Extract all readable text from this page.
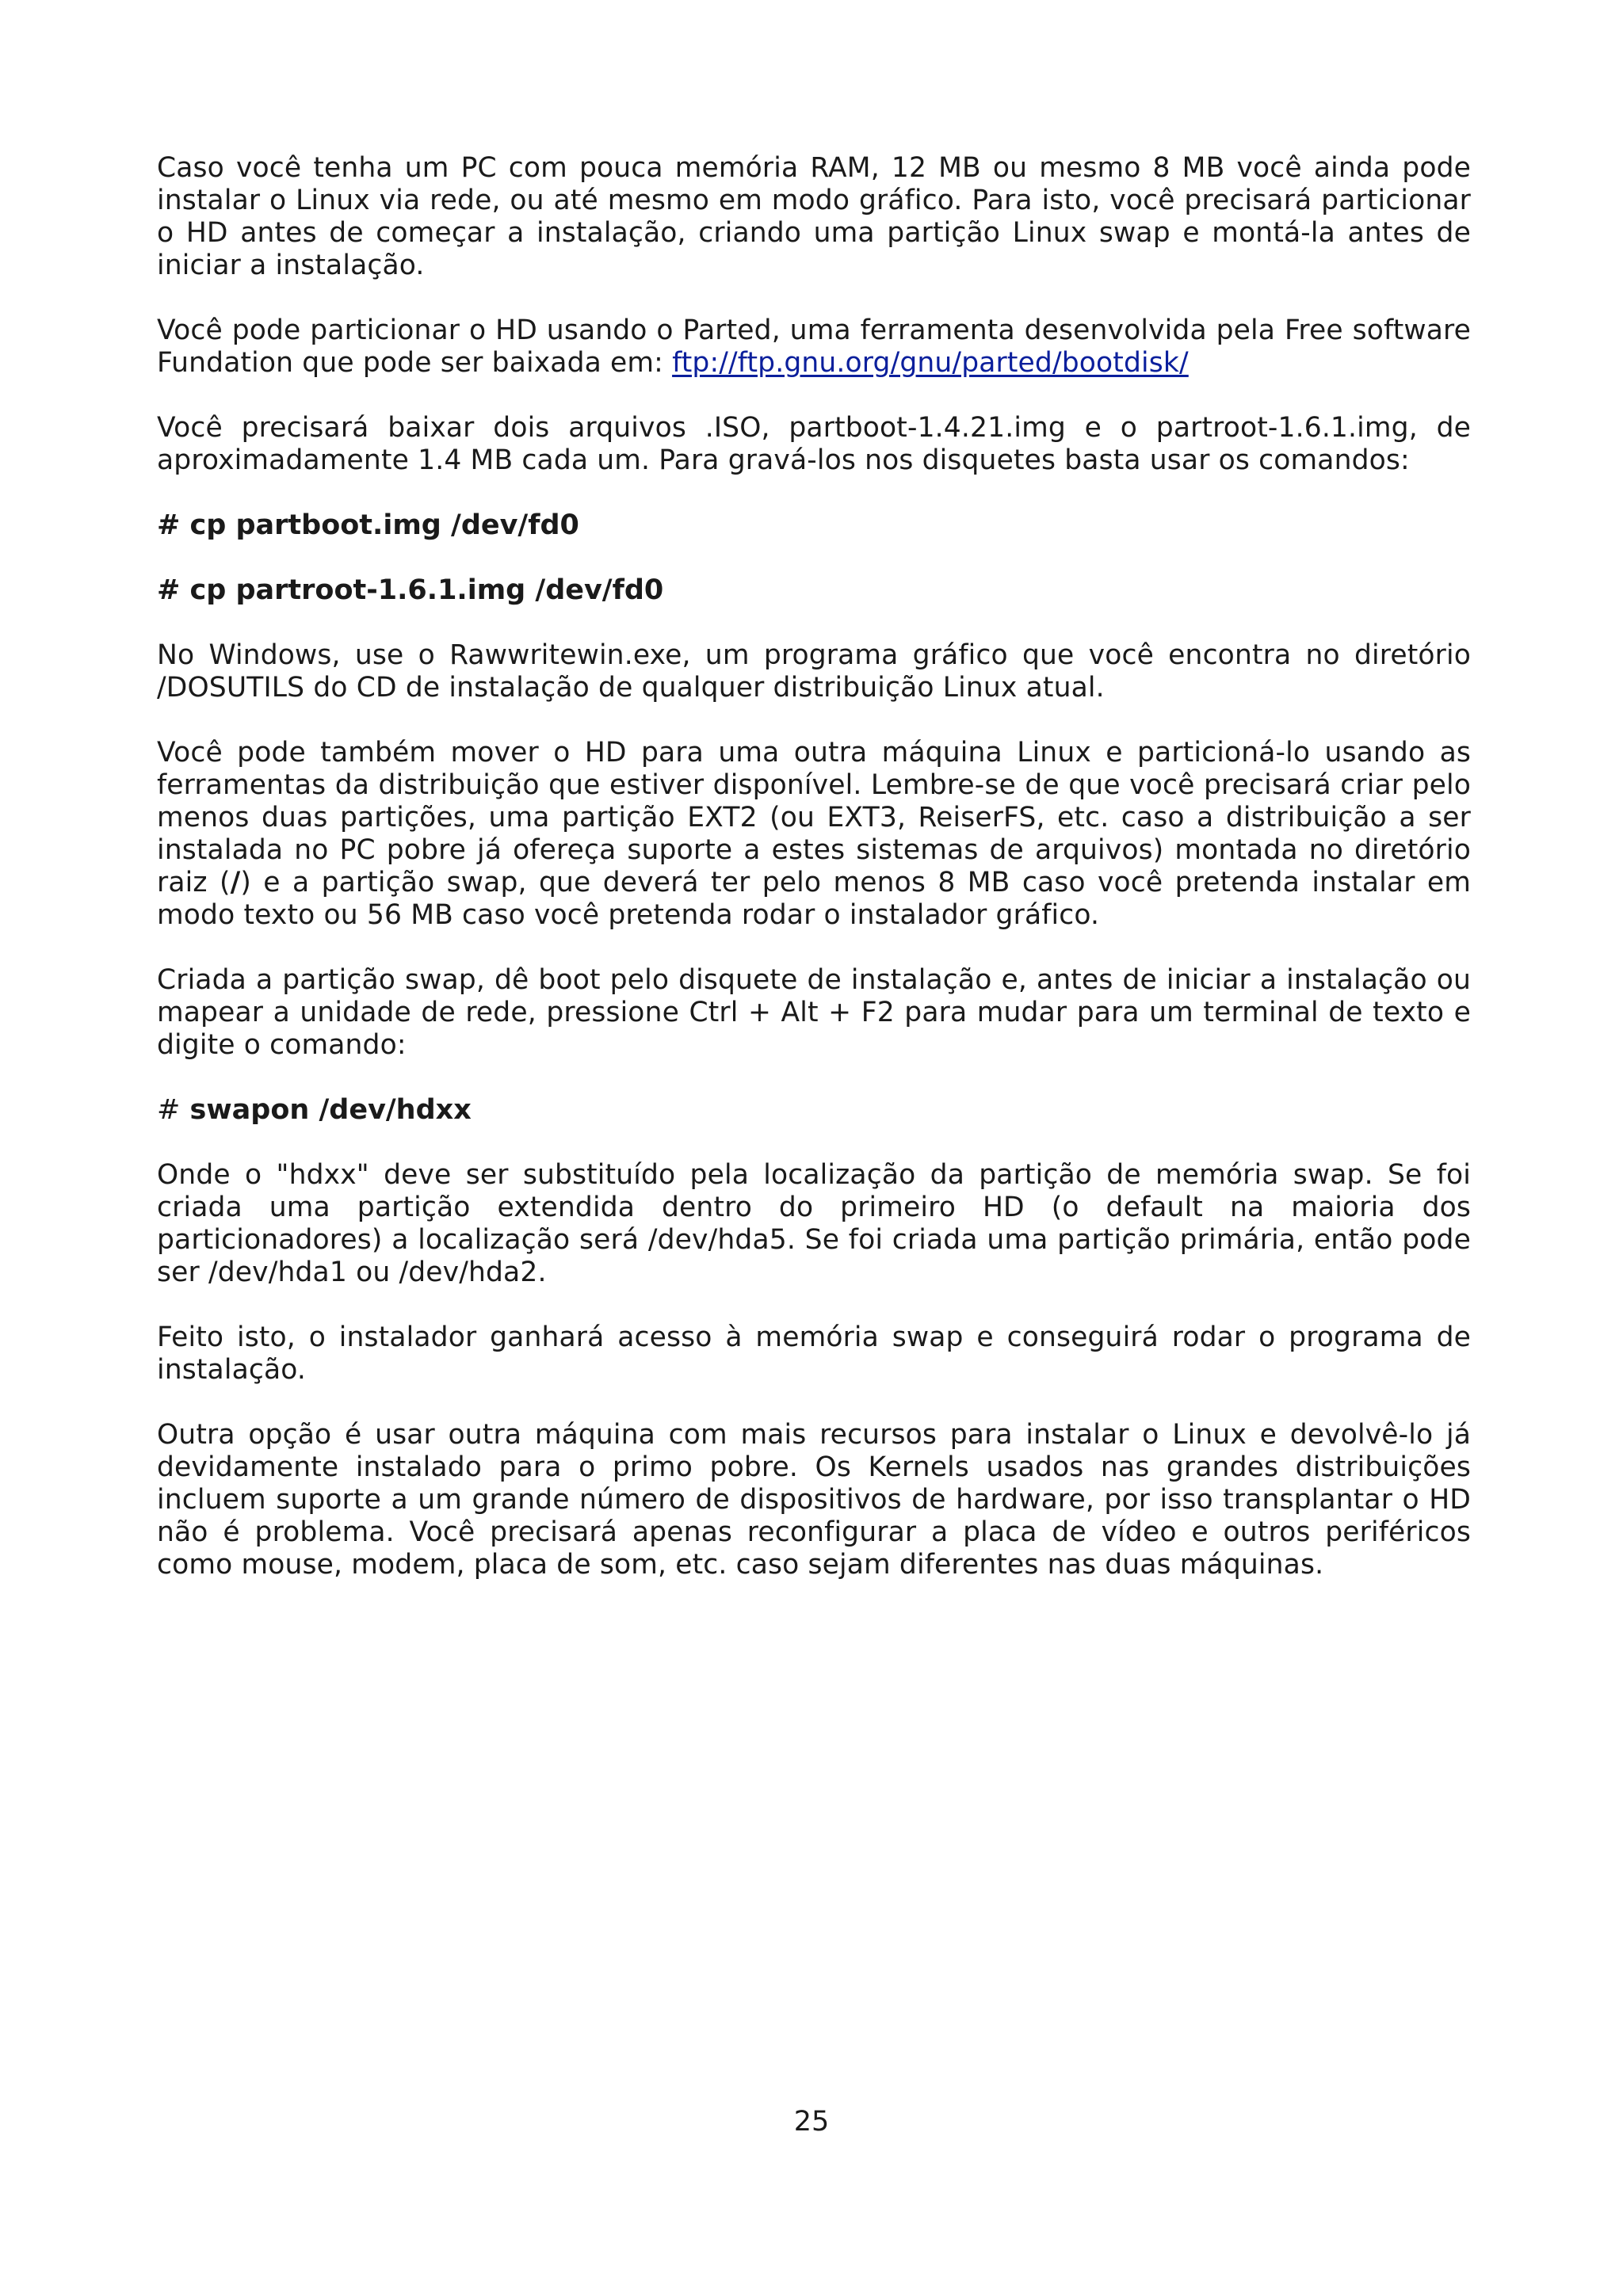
Caso você tenha um PC com pouca memória RAM, 12 MB ou mesmo 8 MB você ainda pode instalar o Linux via rede, ou até mesmo em modo gráfico. Para isto, você precisará particionar o HD antes de começar a instalação, criando uma partição Linux swap e montá-la antes de iniciar a instalação.

Você pode particionar o HD usando o Parted, uma ferramenta desenvolvida pela Free software Fundation que pode ser baixada em: ftp://ftp.gnu.org/gnu/parted/bootdisk/

Você precisará baixar dois arquivos .ISO, partboot-1.4.21.img e o partroot-1.6.1.img, de aproximadamente 1.4 MB cada um. Para gravá-los nos disquetes basta usar os comandos:

# cp partboot.img /dev/fd0

# cp partroot-1.6.1.img /dev/fd0

No Windows, use o Rawwritewin.exe, um programa gráfico que você encontra no diretório /DOSUTILS do CD de instalação de qualquer distribuição Linux atual.

Você pode também mover o HD para uma outra máquina Linux e particioná-lo usando as ferramentas da distribuição que estiver disponível. Lembre-se de que você precisará criar pelo menos duas partições, uma partição EXT2 (ou EXT3, ReiserFS, etc. caso a distribuição a ser instalada no PC pobre já ofereça suporte a estes sistemas de arquivos) montada no diretório raiz (/) e a partição swap, que deverá ter pelo menos 8 MB caso você pretenda instalar em modo texto ou 56 MB caso você pretenda rodar o instalador gráfico.

Criada a partição swap, dê boot pelo disquete de instalação e, antes de iniciar a instalação ou mapear a unidade de rede, pressione Ctrl + Alt + F2 para mudar para um terminal de texto e digite o comando:

# swapon /dev/hdxx

Onde o "hdxx" deve ser substituído pela localização da partição de memória swap. Se foi criada uma partição extendida dentro do primeiro HD (o default na maioria dos particionadores) a localização será /dev/hda5. Se foi criada uma partição primária, então pode ser /dev/hda1 ou /dev/hda2.

Feito isto, o instalador ganhará acesso à memória swap e conseguirá rodar o programa de instalação.

Outra opção é usar outra máquina com mais recursos para instalar o Linux e devolvê-lo já devidamente instalado para o primo pobre. Os Kernels usados nas grandes distribuições incluem suporte a um grande número de dispositivos de hardware, por isso transplantar o HD não é problema. Você precisará apenas reconfigurar a placa de vídeo e outros periféricos como mouse, modem, placa de som, etc. caso sejam diferentes nas duas máquinas.

25
